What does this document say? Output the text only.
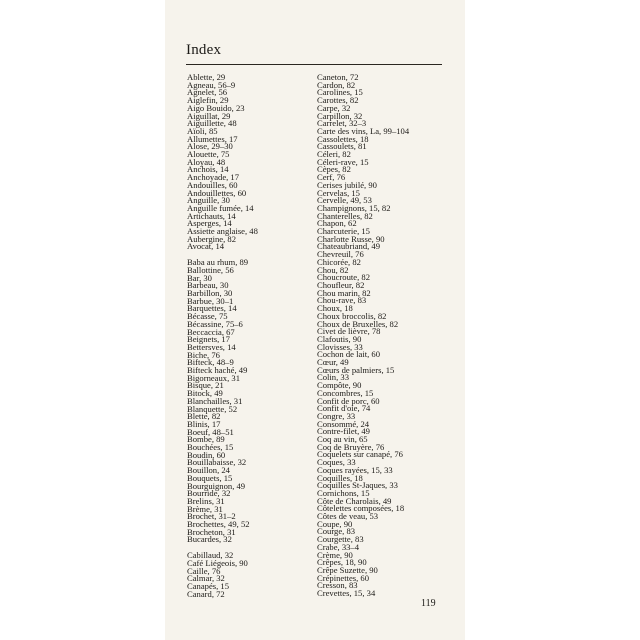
Index
Ablette, 29
Agneau, 56–9
Agnelet, 56
Aiglefin, 29
Aigo Bouido, 23
Aiguillat, 29
Aiguillette, 48
Aïoli, 85
Allumettes, 17
Alose, 29–30
Alouette, 75
Aloyau, 48
Anchois, 14
Anchoyade, 17
Andouilles, 60
Andouillettes, 60
Anguille, 30
Anguille fumée, 14
Artichauts, 14
Asperges, 14
Assiette anglaise, 48
Aubergine, 82
Avocat, 14
Baba au rhum, 89
Ballottine, 56
Bar, 30
Barbeau, 30
Barbillon, 30
Barbue, 30–1
Barquettes, 14
Bécasse, 75
Bécassine, 75–6
Beccaccia, 67
Beignets, 17
Bettersves, 14
Biche, 76
Bifteck, 48–9
Bifteck haché, 49
Bigorneaux, 31
Bisque, 21
Bitock, 49
Blanchailles, 31
Blanquette, 52
Blette, 82
Blinis, 17
Boeuf, 48–51
Bombe, 89
Bouchées, 15
Boudin, 60
Bouillabaisse, 32
Bouillon, 24
Bouquets, 15
Bourguignon, 49
Bourride, 32
Brelins, 31
Brème, 31
Brochet, 31–2
Brochettes, 49, 52
Brocheton, 31
Bucardes, 32
Cabillaud, 32
Café Liégeois, 90
Caille, 76
Calmar, 32
Canapés, 15
Canard, 72
Caneton, 72
Cardon, 82
Carolines, 15
Carottes, 82
Carpe, 32
Carpillon, 32
Carrelet, 32–3
Carte des vins, La, 99–104
Cassolettes, 18
Cassoulets, 81
Céleri, 82
Céleri-rave, 15
Cèpes, 82
Cerf, 76
Cerises jubilé, 90
Cervelas, 15
Cervelle, 49, 53
Champignons, 15, 82
Chanterelles, 82
Chapon, 62
Charcuterie, 15
Charlotte Russe, 90
Chateaubriand, 49
Chevreuil, 76
Chicorée, 82
Chou, 82
Choucroute, 82
Choufleur, 82
Chou marin, 82
Chou-rave, 83
Choux, 18
Choux broccolis, 82
Choux de Bruxelles, 82
Civet de lièvre, 78
Clafoutis, 90
Clovisses, 33
Cochon de lait, 60
Cœur, 49
Cœurs de palmiers, 15
Colin, 33
Compôte, 90
Concombres, 15
Confit de porc, 60
Confit d'oie, 74
Congre, 33
Consommé, 24
Contre-filet, 49
Coq au vin, 65
Coq de Bruyère, 76
Coquelets sur canapé, 76
Coques, 33
Coques rayées, 15, 33
Coquilles, 18
Coquilles St-Jaques, 33
Cornichons, 15
Côte de Charolais, 49
Côtelettes composées, 18
Côtes de veau, 53
Coupe, 90
Courge, 83
Courgette, 83
Crabe, 33–4
Crème, 90
Crêpes, 18, 90
Crêpe Suzette, 90
Crépinettes, 60
Cresson, 83
Crevettes, 15, 34
119
